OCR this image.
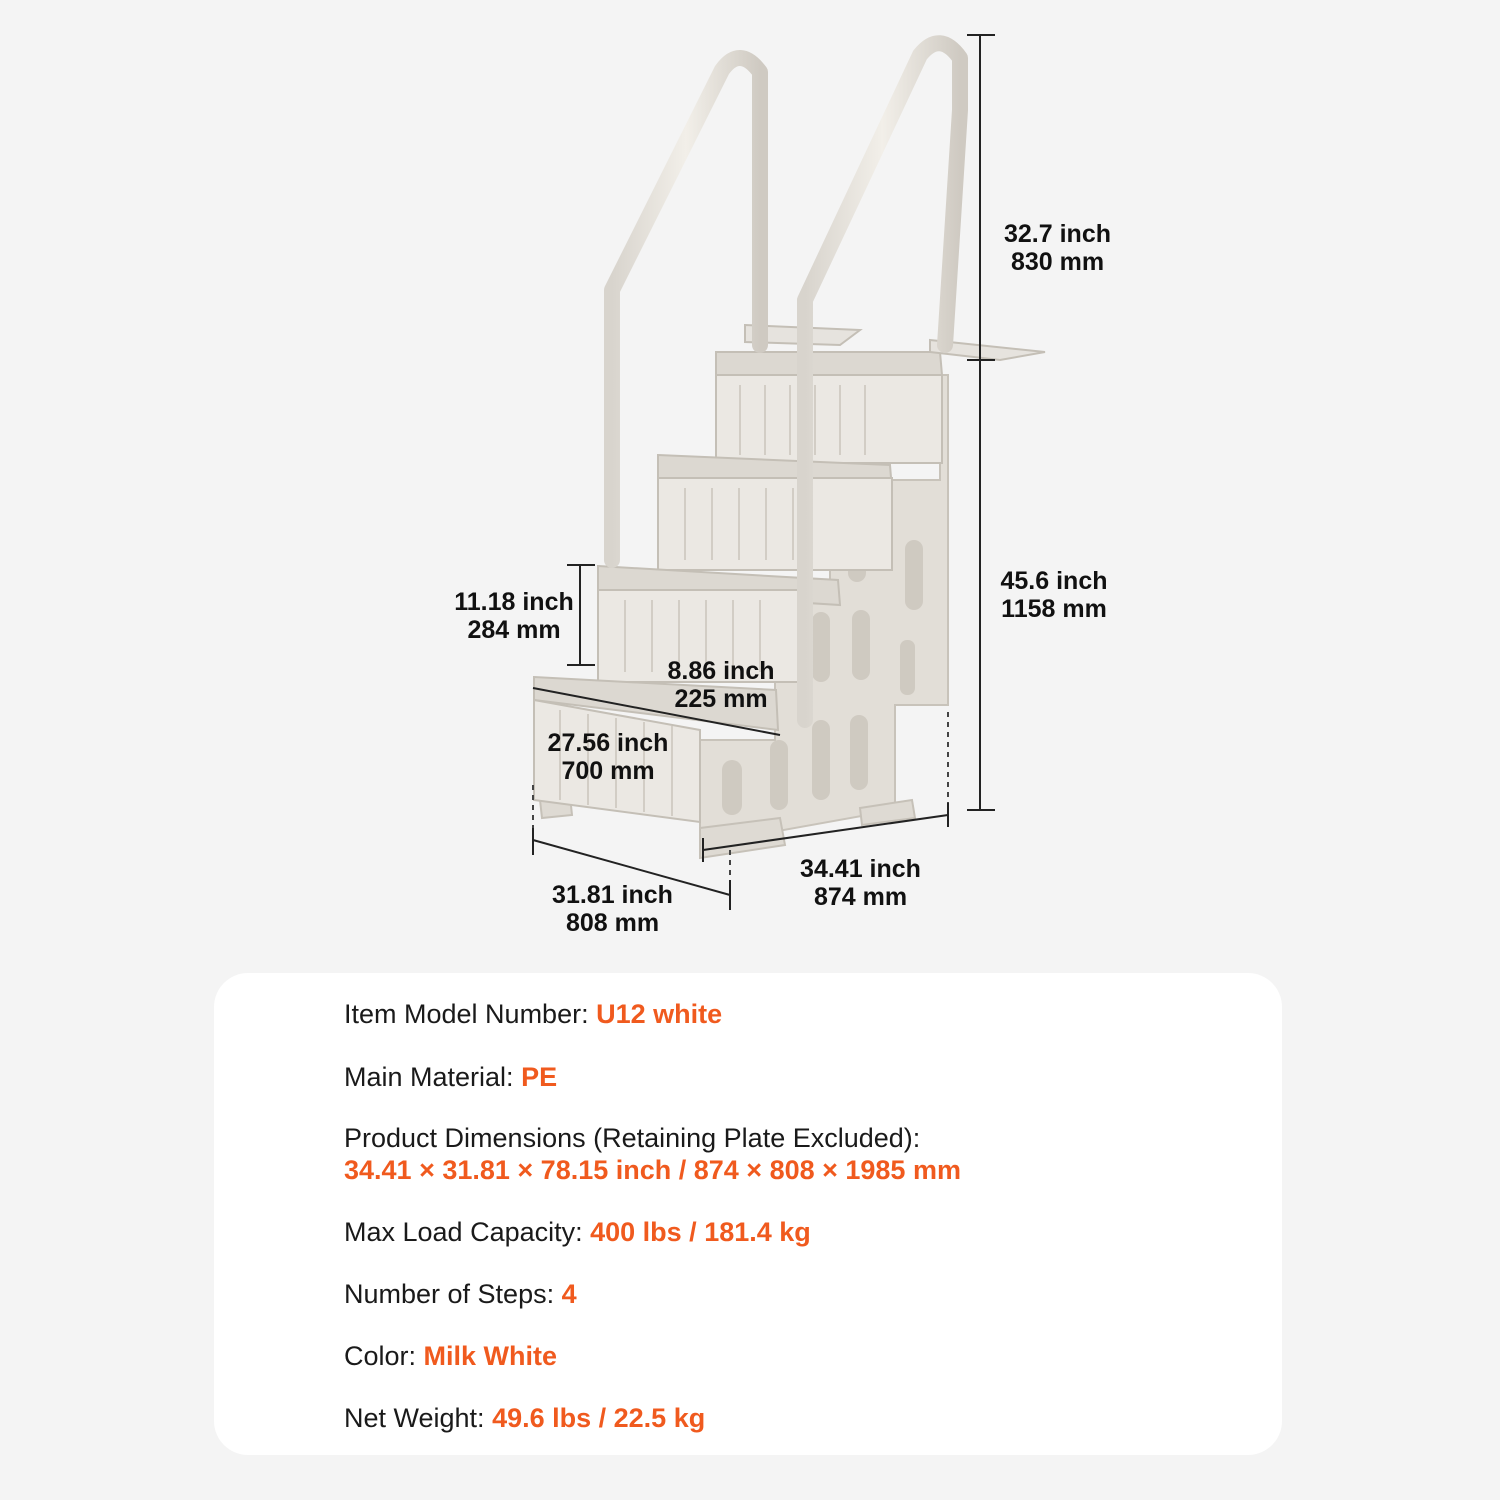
32.7 inch
830 mm
45.6 inch
1158 mm
11.18 inch
284 mm
8.86 inch
225 mm
27.56 inch
700 mm
31.81 inch
808 mm
34.41 inch
874 mm
Item Model Number: U12 white
Main Material: PE
Product Dimensions (Retaining Plate Excluded):
34.41 × 31.81 × 78.15 inch / 874 × 808 × 1985 mm
Max Load Capacity: 400 lbs / 181.4 kg
Number of Steps: 4
Color: Milk White
Net Weight: 49.6 lbs / 22.5 kg
